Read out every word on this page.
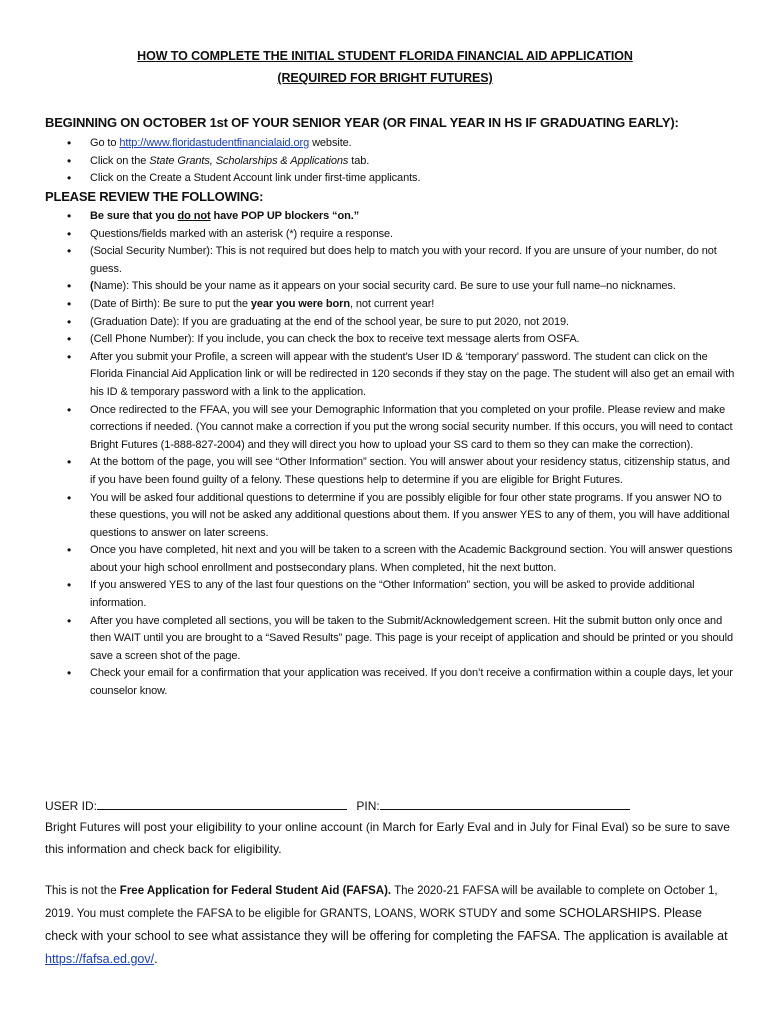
HOW TO COMPLETE THE INITIAL STUDENT FLORIDA FINANCIAL AID APPLICATION
(REQUIRED FOR BRIGHT FUTURES)
BEGINNING ON OCTOBER 1st OF YOUR SENIOR YEAR (OR FINAL YEAR IN HS IF GRADUATING EARLY):
• Go to http://www.floridastudentfinancialaid.org website.
• Click on the State Grants, Scholarships & Applications tab.
• Click on the Create a Student Account link under first-time applicants.
PLEASE REVIEW THE FOLLOWING:
• Be sure that you do not have POP UP blockers “on.”
• Questions/fields marked with an asterisk (*) require a response.
• (Social Security Number): This is not required but does help to match you with your record. If you are unsure of your number, do not guess.
• (Name): This should be your name as it appears on your social security card. Be sure to use your full name–no nicknames.
• (Date of Birth): Be sure to put the year you were born, not current year!
• (Graduation Date): If you are graduating at the end of the school year, be sure to put 2020, not 2019.
• (Cell Phone Number): If you include, you can check the box to receive text message alerts from OSFA.
• After you submit your Profile, a screen will appear with the student’s User ID & ‘temporary’ password. The student can click on the Florida Financial Aid Application link or will be redirected in 120 seconds if they stay on the page. The student will also get an email with his ID & temporary password with a link to the application.
• Once redirected to the FFAA, you will see your Demographic Information that you completed on your profile. Please review and make corrections if needed. (You cannot make a correction if you put the wrong social security number. If this occurs, you will need to contact Bright Futures (1-888-827-2004) and they will direct you how to upload your SS card to them so they can make the correction).
• At the bottom of the page, you will see “Other Information” section. You will answer about your residency status, citizenship status, and if you have been found guilty of a felony. These questions help to determine if you are eligible for Bright Futures.
• You will be asked four additional questions to determine if you are possibly eligible for four other state programs. If you answer NO to these questions, you will not be asked any additional questions about them. If you answer YES to any of them, you will have additional questions to answer on later screens.
• Once you have completed, hit next and you will be taken to a screen with the Academic Background section. You will answer questions about your high school enrollment and postsecondary plans. When completed, hit the next button.
• If you answered YES to any of the last four questions on the “Other Information” section, you will be asked to provide additional information.
• After you have completed all sections, you will be taken to the Submit/Acknowledgement screen. Hit the submit button only once and then WAIT until you are brought to a “Saved Results” page. This page is your receipt of application and should be printed or you should save a screen shot of the page.
• Check your email for a confirmation that your application was received. If you don’t receive a confirmation within a couple days, let your counselor know.
USER ID:	PIN:
Bright Futures will post your eligibility to your online account (in March for Early Eval and in July for Final Eval) so be sure to save this information and check back for eligibility.
This is not the Free Application for Federal Student Aid (FAFSA). The 2020-21 FAFSA will be available to complete on October 1, 2019. You must complete the FAFSA to be eligible for GRANTS, LOANS, WORK STUDY and some SCHOLARSHIPS. Please check with your school to see what assistance they will be offering for completing the FAFSA. The application is available at https://fafsa.ed.gov/.
